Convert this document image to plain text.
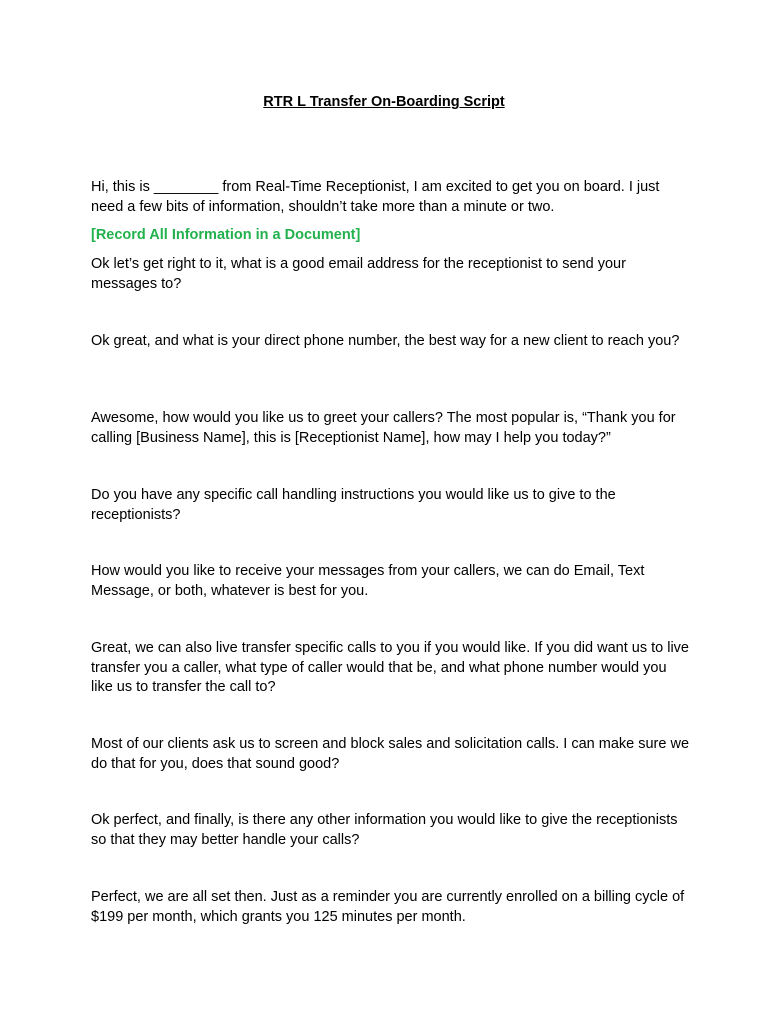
RTR L Transfer On-Boarding Script

Hi, this is ________ from Real-Time Receptionist, I am excited to get you on board. I just need a few bits of information, shouldn’t take more than a minute or two.

[Record All Information in a Document]

Ok let’s get right to it, what is a good email address for the receptionist to send your messages to?

Ok great, and what is your direct phone number, the best way for a new client to reach you?

Awesome, how would you like us to greet your callers? The most popular is, “Thank you for calling [Business Name], this is [Receptionist Name], how may I help you today?”

Do you have any specific call handling instructions you would like us to give to the receptionists?

How would you like to receive your messages from your callers, we can do Email, Text Message, or both, whatever is best for you.

Great, we can also live transfer specific calls to you if you would like. If you did want us to live transfer you a caller, what type of caller would that be, and what phone number would you like us to transfer the call to?

Most of our clients ask us to screen and block sales and solicitation calls. I can make sure we do that for you, does that sound good?

Ok perfect, and finally, is there any other information you would like to give the receptionists so that they may better handle your calls?

Perfect, we are all set then. Just as a reminder you are currently enrolled on a billing cycle of $199 per month, which grants you 125 minutes per month.
